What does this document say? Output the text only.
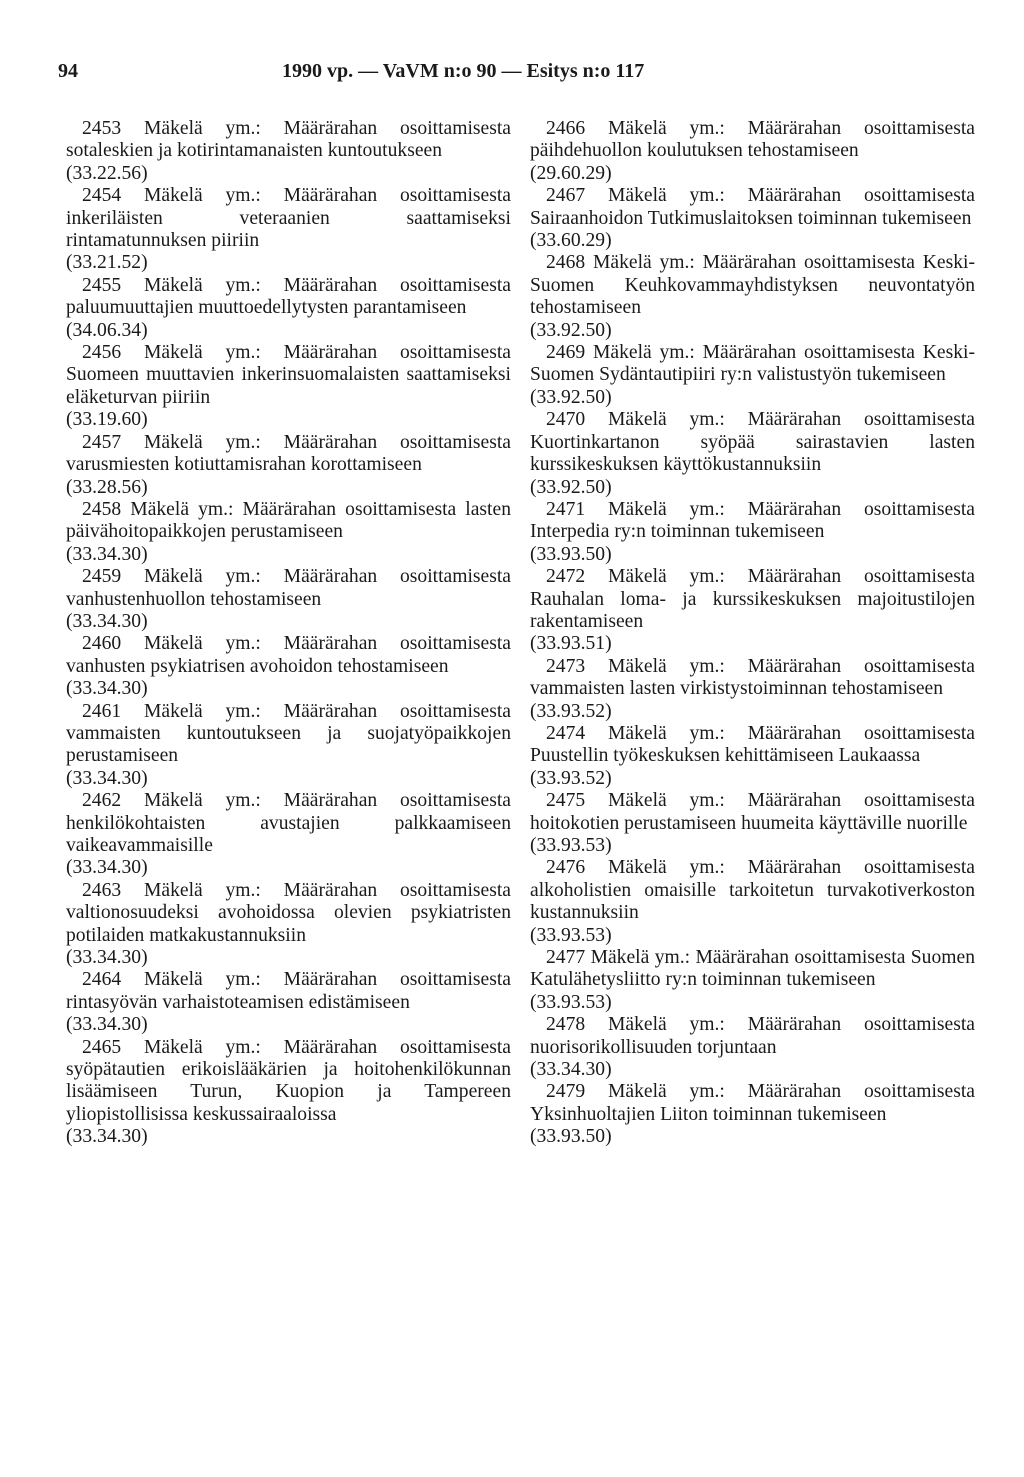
94	1990 vp. — VaVM n:o 90 — Esitys n:o 117

2453 Mäkelä ym.: Määrärahan osoittamisesta sotaleskien ja kotirintamanaisten kuntoutukseen

(33.22.56)

2454 Mäkelä ym.: Määrärahan osoittamisesta inkeriläisten veteraanien saattamiseksi rintamatunnuksen piiriin

(33.21.52)

2455 Mäkelä ym.: Määrärahan osoittamisesta paluumuuttajien muuttoedellytysten parantamiseen

(34.06.34)

2456 Mäkelä ym.: Määrärahan osoittamisesta Suomeen muuttavien inkerinsuomalaisten saattamiseksi eläketurvan piiriin

(33.19.60)

2457 Mäkelä ym.: Määrärahan osoittamisesta varusmiesten kotiuttamisrahan korottamiseen

(33.28.56)

2458 Mäkelä ym.: Määrärahan osoittamisesta lasten päivähoitopaikkojen perustamiseen

(33.34.30)

2459 Mäkelä ym.: Määrärahan osoittamisesta vanhustenhuollon tehostamiseen

(33.34.30)

2460 Mäkelä ym.: Määrärahan osoittamisesta vanhusten psykiatrisen avohoidon tehostamiseen

(33.34.30)

2461 Mäkelä ym.: Määrärahan osoittamisesta vammaisten kuntoutukseen ja suojatyöpaikkojen perustamiseen

(33.34.30)

2462 Mäkelä ym.: Määrärahan osoittamisesta henkilökohtaisten avustajien palkkaamiseen vaikeavammaisille

(33.34.30)

2463 Mäkelä ym.: Määrärahan osoittamisesta valtionosuudeksi avohoidossa olevien psykiatristen potilaiden matkakustannuksiin

(33.34.30)

2464 Mäkelä ym.: Määrärahan osoittamisesta rintasyövän varhaistoteamisen edistämiseen

(33.34.30)

2465 Mäkelä ym.: Määrärahan osoittamisesta syöpätautien erikoislääkärien ja hoitohenkilökunnan lisäämiseen Turun, Kuopion ja Tampereen yliopistollisissa keskussairaaloissa

(33.34.30)

2466 Mäkelä ym.: Määrärahan osoittamisesta päihdehuollon koulutuksen tehostamiseen

(29.60.29)

2467 Mäkelä ym.: Määrärahan osoittamisesta Sairaanhoidon Tutkimuslaitoksen toiminnan tukemiseen

(33.60.29)

2468 Mäkelä ym.: Määrärahan osoittamisesta Keski-Suomen Keuhkovammayhdistyksen neuvontatyön tehostamiseen

(33.92.50)

2469 Mäkelä ym.: Määrärahan osoittamisesta Keski-Suomen Sydäntautipiiri ry:n valistustyön tukemiseen

(33.92.50)

2470 Mäkelä ym.: Määrärahan osoittamisesta Kuortinkartanon syöpää sairastavien lasten kurssikeskuksen käyttökustannuksiin

(33.92.50)

2471 Mäkelä ym.: Määrärahan osoittamisesta Interpedia ry:n toiminnan tukemiseen

(33.93.50)

2472 Mäkelä ym.: Määrärahan osoittamisesta Rauhalan loma- ja kurssikeskuksen majoitustilojen rakentamiseen

(33.93.51)

2473 Mäkelä ym.: Määrärahan osoittamisesta vammaisten lasten virkistystoiminnan tehostamiseen

(33.93.52)

2474 Mäkelä ym.: Määrärahan osoittamisesta Puustellin työkeskuksen kehittämiseen Laukaassa

(33.93.52)

2475 Mäkelä ym.: Määrärahan osoittamisesta hoitokotien perustamiseen huumeita käyttäville nuorille

(33.93.53)

2476 Mäkelä ym.: Määrärahan osoittamisesta alkoholistien omaisille tarkoitetun turvakotiverkoston kustannuksiin

(33.93.53)

2477 Mäkelä ym.: Määrärahan osoittamisesta Suomen Katulähetysliitto ry:n toiminnan tukemiseen

(33.93.53)

2478 Mäkelä ym.: Määrärahan osoittamisesta nuorisorikollisuuden torjuntaan

(33.34.30)

2479 Mäkelä ym.: Määrärahan osoittamisesta Yksinhuoltajien Liiton toiminnan tukemiseen

(33.93.50)
